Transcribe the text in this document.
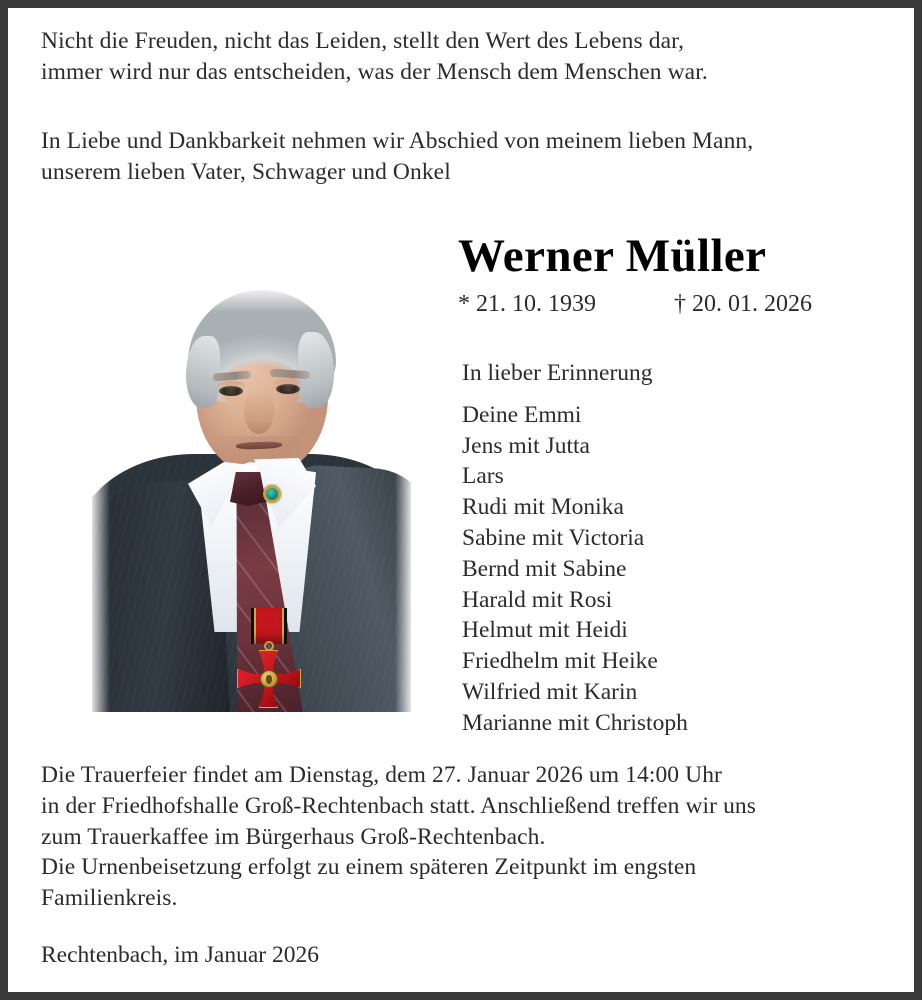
Nicht die Freuden, nicht das Leiden, stellt den Wert des Lebens dar,
immer wird nur das entscheiden, was der Mensch dem Menschen war.
In Liebe und Dankbarkeit nehmen wir Abschied von meinem lieben Mann,
unserem lieben Vater, Schwager und Onkel
Werner Müller
* 21. 10. 1939	† 20. 01. 2026
In lieber Erinnerung
Deine Emmi
Jens mit Jutta
Lars
Rudi mit Monika
Sabine mit Victoria
Bernd mit Sabine
Harald mit Rosi
Helmut mit Heidi
Friedhelm mit Heike
Wilfried mit Karin
Marianne mit Christoph
Die Trauerfeier findet am Dienstag, dem 27. Januar 2026 um 14:00 Uhr
in der Friedhofshalle Groß-Rechtenbach statt. Anschließend treffen wir uns
zum Trauerkaffee im Bürgerhaus Groß-Rechtenbach.
Die Urnenbeisetzung erfolgt zu einem späteren Zeitpunkt im engsten
Familienkreis.
Rechtenbach, im Januar 2026
